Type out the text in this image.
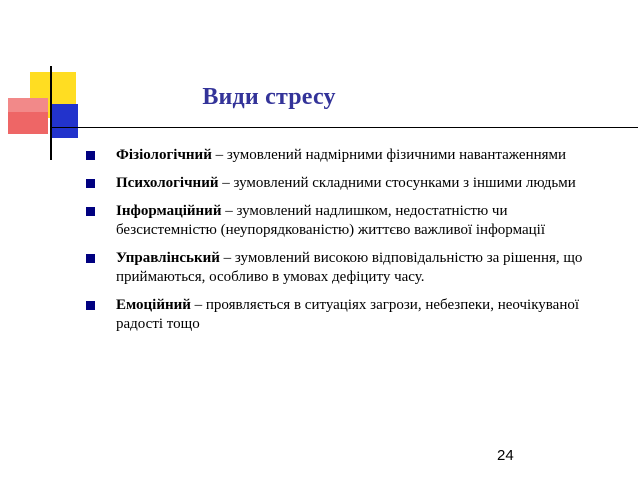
Види стресу
Фізіологічний – зумовлений надмірними фізичними навантаженнями
Психологічний – зумовлений складними стосунками з іншими людьми
Інформаційний – зумовлений надлишком, недостатністю чи безсистемністю (неупорядкованістю) життєво важливої інформації
Управлінський – зумовлений високою відповідальністю за рішення, що приймаються, особливо в умовах дефіциту часу.
Емоційний – проявляється в ситуаціях загрози, небезпеки, неочікуваної радості тощо
24
